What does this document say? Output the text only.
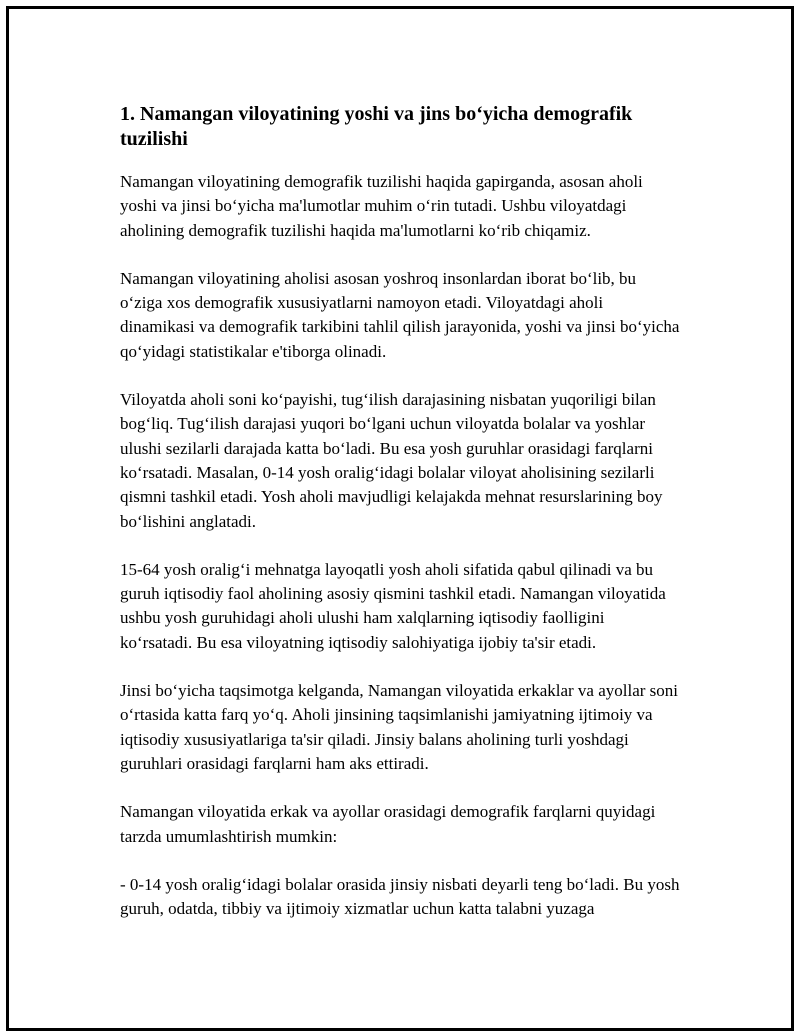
1. Namangan viloyatining yoshi va jins bo‘yicha demografik tuzilishi

Namangan viloyatining demografik tuzilishi haqida gapirganda, asosan aholi yoshi va jinsi bo‘yicha ma'lumotlar muhim o‘rin tutadi. Ushbu viloyatdagi aholining demografik tuzilishi haqida ma'lumotlarni ko‘rib chiqamiz.

Namangan viloyatining aholisi asosan yoshroq insonlardan iborat bo‘lib, bu o‘ziga xos demografik xususiyatlarni namoyon etadi. Viloyatdagi aholi dinamikasi va demografik tarkibini tahlil qilish jarayonida, yoshi va jinsi bo‘yicha qo‘yidagi statistikalar e'tiborga olinadi.

Viloyatda aholi soni ko‘payishi, tug‘ilish darajasining nisbatan yuqoriligi bilan bog‘liq. Tug‘ilish darajasi yuqori bo‘lgani uchun viloyatda bolalar va yoshlar ulushi sezilarli darajada katta bo‘ladi. Bu esa yosh guruhlar orasidagi farqlarni ko‘rsatadi. Masalan, 0-14 yosh oralig‘idagi bolalar viloyat aholisining sezilarli qismni tashkil etadi. Yosh aholi mavjudligi kelajakda mehnat resurslarining boy bo‘lishini anglatadi.

15-64 yosh oralig‘i mehnatga layoqatli yosh aholi sifatida qabul qilinadi va bu guruh iqtisodiy faol aholining asosiy qismini tashkil etadi. Namangan viloyatida ushbu yosh guruhidagi aholi ulushi ham xalqlarning iqtisodiy faolligini ko‘rsatadi. Bu esa viloyatning iqtisodiy salohiyatiga ijobiy ta'sir etadi.

Jinsi bo‘yicha taqsimotga kelganda, Namangan viloyatida erkaklar va ayollar soni o‘rtasida katta farq yo‘q. Aholi jinsining taqsimlanishi jamiyatning ijtimoiy va iqtisodiy xususiyatlariga ta'sir qiladi. Jinsiy balans aholining turli yoshdagi guruhlari orasidagi farqlarni ham aks ettiradi.

Namangan viloyatida erkak va ayollar orasidagi demografik farqlarni quyidagi tarzda umumlashtirish mumkin:

- 0-14 yosh oralig‘idagi bolalar orasida jinsiy nisbati deyarli teng bo‘ladi. Bu yosh guruh, odatda, tibbiy va ijtimoiy xizmatlar uchun katta talabni yuzaga
